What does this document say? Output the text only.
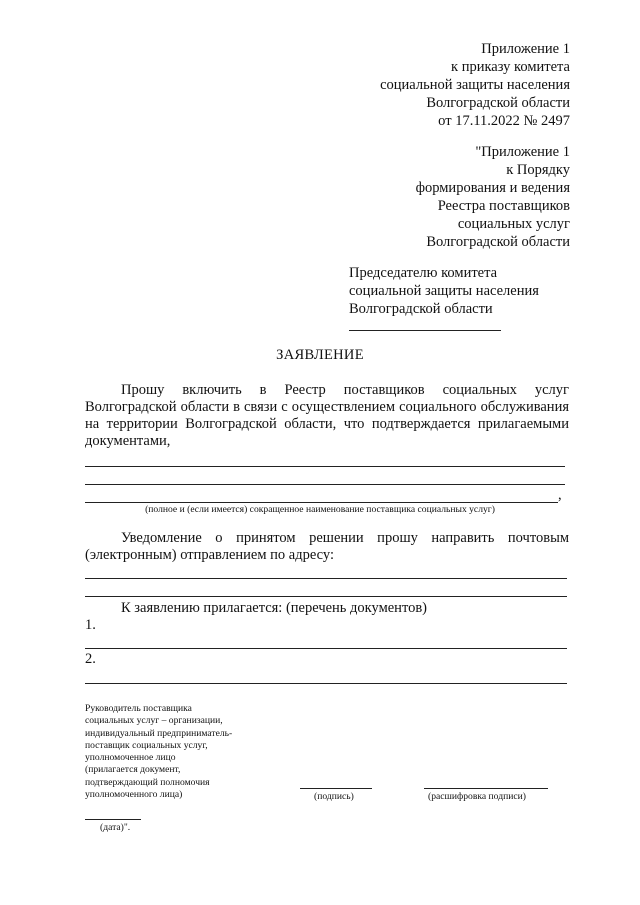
Приложение 1
к приказу комитета
социальной защиты населения
Волгоградской области
от 17.11.2022 № 2497
"Приложение 1
к Порядку
формирования и ведения
Реестра поставщиков
социальных услуг
Волгоградской области
Председателю комитета
социальной защиты населения
Волгоградской области
ЗАЯВЛЕНИЕ
Прошу включить в Реестр поставщиков социальных услуг Волгоградской области в связи с осуществлением социального обслуживания на территории Волгоградской области, что подтверждается прилагаемыми документами,
,
(полное и (если имеется) сокращенное наименование поставщика социальных услуг)
Уведомление о принятом решении прошу направить почтовым (электронным) отправлением по адресу:
К заявлению прилагается: (перечень документов)
1.
2.
Руководитель поставщика
социальных услуг – организации,
индивидуальный предприниматель-
поставщик социальных услуг,
уполномоченное лицо
(прилагается документ,
подтверждающий полномочия
уполномоченного лица)	(подпись)	(расшифровка подписи)
(дата)".
